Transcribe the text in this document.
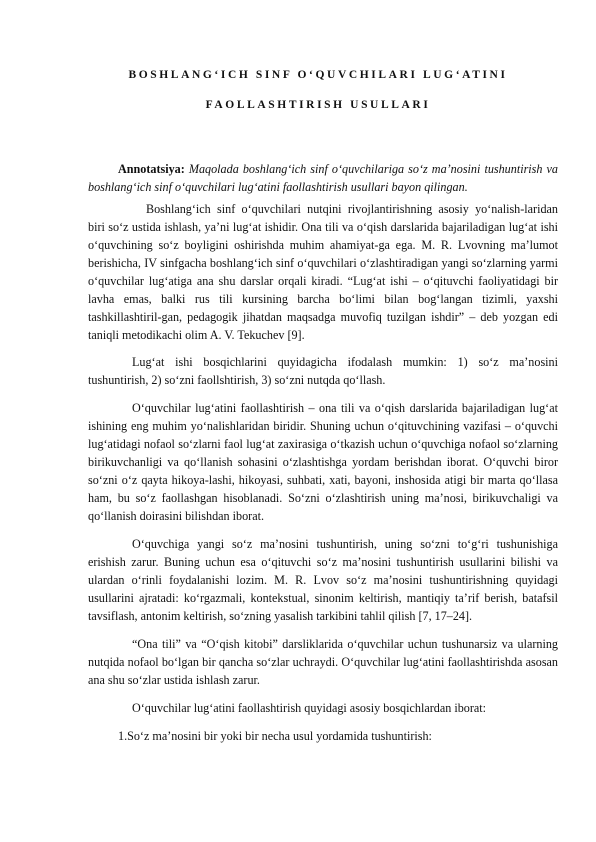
BOSHLANG‘ICH SINF O‘QUVCHILARI LUG‘ATINI
FAOLLASHTIRISH USULLARI

Annotatsiya: Maqolada boshlang‘ich sinf o‘quvchilariga so‘z ma’nosini tushuntirish va boshlang‘ich sinf o‘quvchilari lug‘atini faollashtirish usullari bayon qilingan.

Boshlang‘ich sinf o‘quvchilari nutqini rivojlantirishning asosiy yo‘nalish-laridan biri so‘z ustida ishlash, ya’ni lug‘at ishidir. Ona tili va o‘qish darslarida bajariladigan lug‘at ishi o‘quvchining so‘z boyligini oshirishda muhim ahamiyat-ga ega. M. R. Lvovning ma’lumot berishicha, IV sinfgacha boshlang‘ich sinf o‘quvchilari o‘zlashtiradigan yangi so‘zlarning yarmi o‘quvchilar lug‘atiga ana shu darslar orqali kiradi. “Lug‘at ishi – o‘qituvchi faoliyatidagi bir lavha emas, balki rus tili kursining barcha bo‘limi bilan bog‘langan tizimli, yaxshi tashkillashtiril-gan, pedagogik jihatdan maqsadga muvofiq tuzilgan ishdir” – deb yozgan edi taniqli metodikachi olim A. V. Tekuchev [9].

Lug‘at ishi bosqichlarini quyidagicha ifodalash mumkin: 1) so‘z ma’nosini tushuntirish, 2) so‘zni faollshtirish, 3) so‘zni nutqda qo‘llash.

O‘quvchilar lug‘atini faollashtirish – ona tili va o‘qish darslarida bajariladigan lug‘at ishining eng muhim yo‘nalishlaridan biridir. Shuning uchun o‘qituvchining vazifasi – o‘quvchi lug‘atidagi nofaol so‘zlarni faol lug‘at zaxirasiga o‘tkazish uchun o‘quvchiga nofaol so‘zlarning birikuvchanligi va qo‘llanish sohasini o‘zlashtishga yordam berishdan iborat. O‘quvchi biror so‘zni o‘z qayta hikoya-lashi, hikoyasi, suhbati, xati, bayoni, inshosida atigi bir marta qo‘llasa ham, bu so‘z faollashgan hisoblanadi. So‘zni o‘zlashtirish uning ma’nosi, birikuvchaligi va qo‘llanish doirasini bilishdan iborat.

O‘quvchiga yangi so‘z ma’nosini tushuntirish, uning so‘zni to‘g‘ri tushunishiga erishish zarur. Buning uchun esa o‘qituvchi so‘z ma’nosini tushuntirish usullarini bilishi va ulardan o‘rinli foydalanishi lozim. M. R. Lvov so‘z ma’nosini tushuntirishning quyidagi usullarini ajratadi: ko‘rgazmali, kontekstual, sinonim keltirish, mantiqiy ta’rif berish, batafsil tavsiflash, antonim keltirish, so‘zning yasalish tarkibini tahlil qilish [7, 17–24].

“Ona tili” va “O‘qish kitobi” darsliklarida o‘quvchilar uchun tushunarsiz va ularning nutqida nofaol bo‘lgan bir qancha so‘zlar uchraydi. O‘quvchilar lug‘atini faollashtirishda asosan ana shu so‘zlar ustida ishlash zarur.

O‘quvchilar lug‘atini faollashtirish quyidagi asosiy bosqichlardan iborat:

1.So‘z ma’nosini bir yoki bir necha usul yordamida tushuntirish:
